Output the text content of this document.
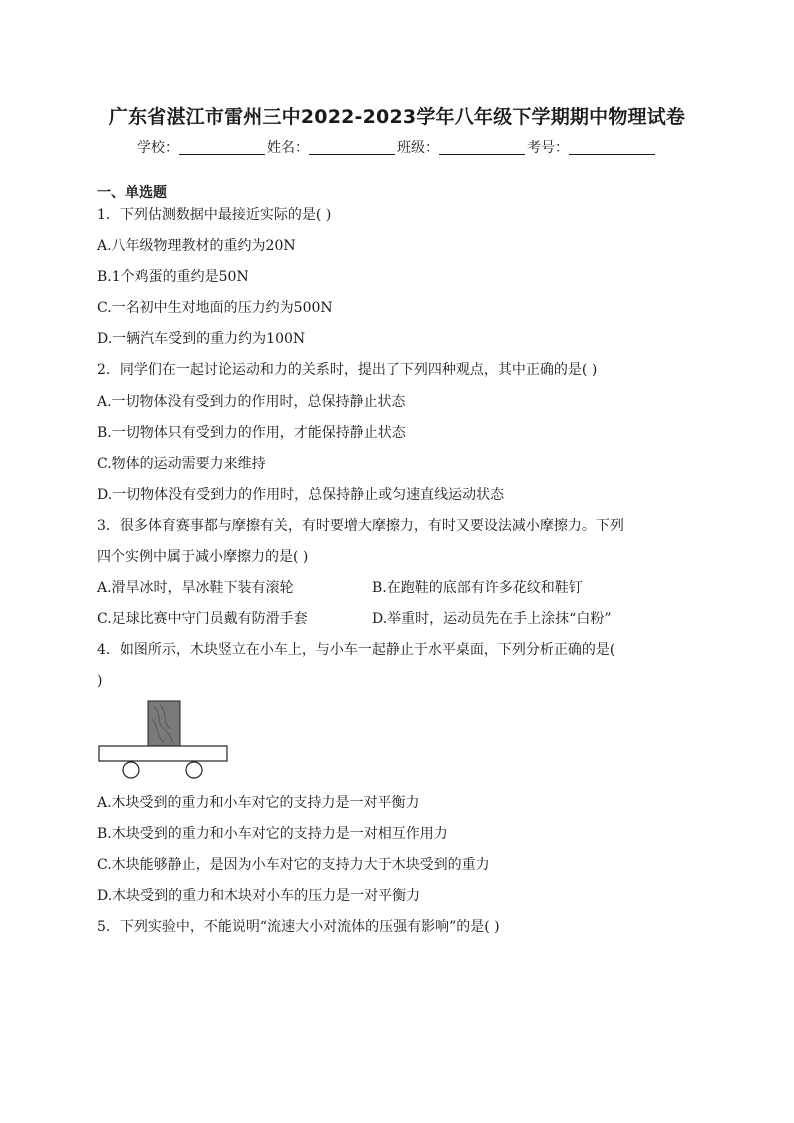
广东省湛江市雷州三中2022-2023学年八年级下学期期中物理试卷
学校：	姓名：	班级：	考号：
一、单选题
1．下列估测数据中最接近实际的是( )
A.八年级物理教材的重约为20N
B.1个鸡蛋的重约是50N
C.一名初中生对地面的压力约为500N
D.一辆汽车受到的重力约为100N
2．同学们在一起讨论运动和力的关系时，提出了下列四种观点，其中正确的是( )
A.一切物体没有受到力的作用时，总保持静止状态
B.一切物体只有受到力的作用，才能保持静止状态
C.物体的运动需要力来维持
D.一切物体没有受到力的作用时，总保持静止或匀速直线运动状态
3．很多体育赛事都与摩擦有关，有时要增大摩擦力，有时又要设法减小摩擦力。下列
四个实例中属于减小摩擦力的是( )
A.滑旱冰时，旱冰鞋下装有滚轮	B.在跑鞋的底部有许多花纹和鞋钉
C.足球比赛中守门员戴有防滑手套	D.举重时，运动员先在手上涂抹“白粉”
4．如图所示，木块竖立在小车上，与小车一起静止于水平桌面，下列分析正确的是(
)
A.木块受到的重力和小车对它的支持力是一对平衡力
B.木块受到的重力和小车对它的支持力是一对相互作用力
C.木块能够静止，是因为小车对它的支持力大于木块受到的重力
D.木块受到的重力和木块对小车的压力是一对平衡力
5．下列实验中，不能说明“流速大小对流体的压强有影响”的是( )
